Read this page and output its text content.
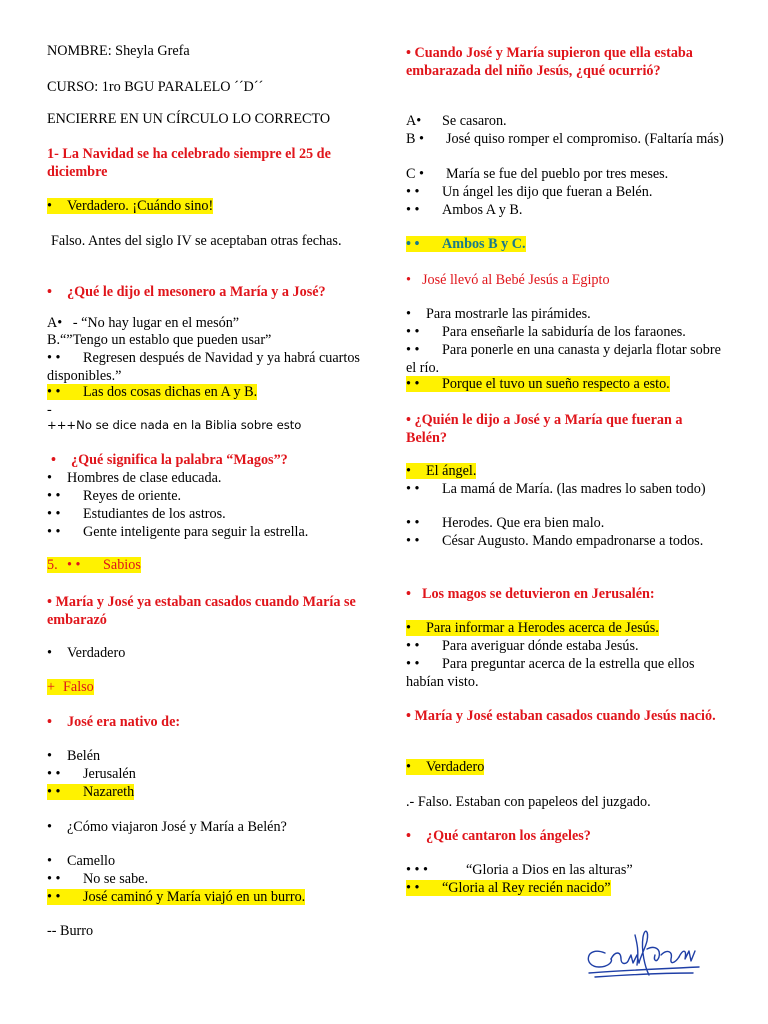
NOMBRE: Sheyla Grefa
CURSO: 1ro BGU PARALELO ´´D´´
ENCIERRE EN UN CÍRCULO LO CORRECTO
1- La Navidad se ha celebrado siempre el 25 de diciembre
• Verdadero. ¡Cuándo sino!
Falso. Antes del siglo IV se aceptaban otras fechas.
• ¿Qué le dijo el mesonero a María y a José?
A• - “No hay lugar en el mesón”
B.“”Tengo un establo que pueden usar”
• • Regresen después de Navidad y ya habrá cuartos disponibles.”
• • Las dos cosas dichas en A y B.
-
+++No se dice nada en la Biblia sobre esto
• ¿Qué significa la palabra “Magos”?
• Hombres de clase educada.
• • Reyes de oriente.
• • Estudiantes de los astros.
• • Gente inteligente para seguir la estrella.
5. • • Sabios
• María y José ya estaban casados cuando María se embarazó
• Verdadero
+ Falso
• José era nativo de:
• Belén
• • Jerusalén
• • Nazareth
• ¿Cómo viajaron José y María a Belén?
• Camello
• • No se sabe.
• • José caminó y María viajó en un burro.
-- Burro
• Cuando José y María supieron que ella estaba embarazada del niño Jesús, ¿qué ocurrió?
A• Se casaron.
B • José quiso romper el compromiso. (Faltaría más)
C • María se fue del pueblo por tres meses.
• • Un ángel les dijo que fueran a Belén.
• • Ambos A y B.
• • Ambos B y C.
• José llevó al Bebé Jesús a Egipto
• Para mostrarle las pirámides.
• • Para enseñarle la sabiduría de los faraones.
• • Para ponerle en una canasta y dejarla flotar sobre el río.
• • Porque el tuvo un sueño respecto a esto.
• ¿Quién le dijo a José y a María que fueran a Belén?
• El ángel.
• • La mamá de María. (las madres lo saben todo)
• • Herodes. Que era bien malo.
• • César Augusto. Mando empadronarse a todos.
• Los magos se detuvieron en Jerusalén:
• Para informar a Herodes acerca de Jesús.
• • Para averiguar dónde estaba Jesús.
• • Para preguntar acerca de la estrella que ellos habían visto.
• María y José estaban casados cuando Jesús nació.
• Verdadero
.- Falso. Estaban con papeleos del juzgado.
• ¿Qué cantaron los ángeles?
• • •	“Gloria a Dios en las alturas”
• • “Gloria al Rey recién nacido”
